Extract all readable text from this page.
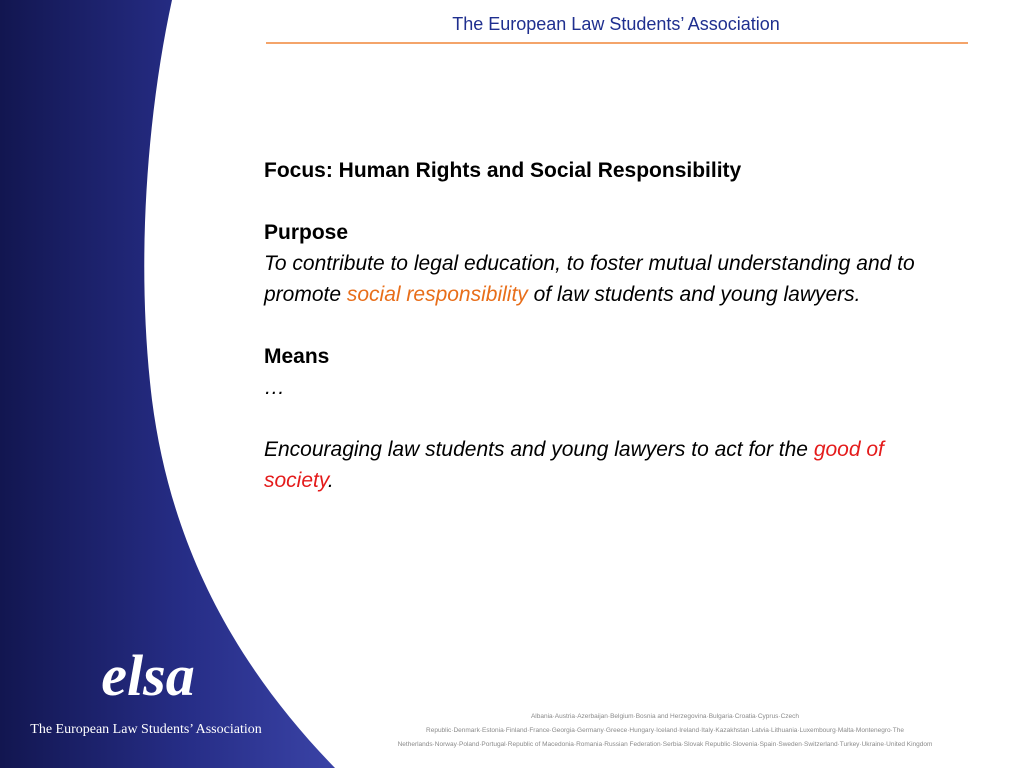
The European Law Students’ Association

Focus: Human Rights and Social Responsibility

Purpose

To contribute to legal education, to foster mutual understanding and to promote social responsibility of law students and young lawyers.

Means

…

Encouraging law students and young lawyers to act for the good of society.

elsa
The European Law Students’ Association
Albania·Austria·Azerbaijan·Belgium·Bosnia and Herzegovina·Bulgaria·Croatia·Cyprus·Czech Republic·Denmark·Estonia·Finland·France·Georgia·Germany·Greece·Hungary·Iceland·Ireland·Italy·Kazakhstan·Latvia·Lithuania·Luxembourg·Malta·Montenegro·The Netherlands·Norway·Poland·Portugal·Republic of Macedonia·Romania·Russian Federation·Serbia·Slovak Republic·Slovenia·Spain·Sweden·Switzerland·Turkey·Ukraine·United Kingdom
